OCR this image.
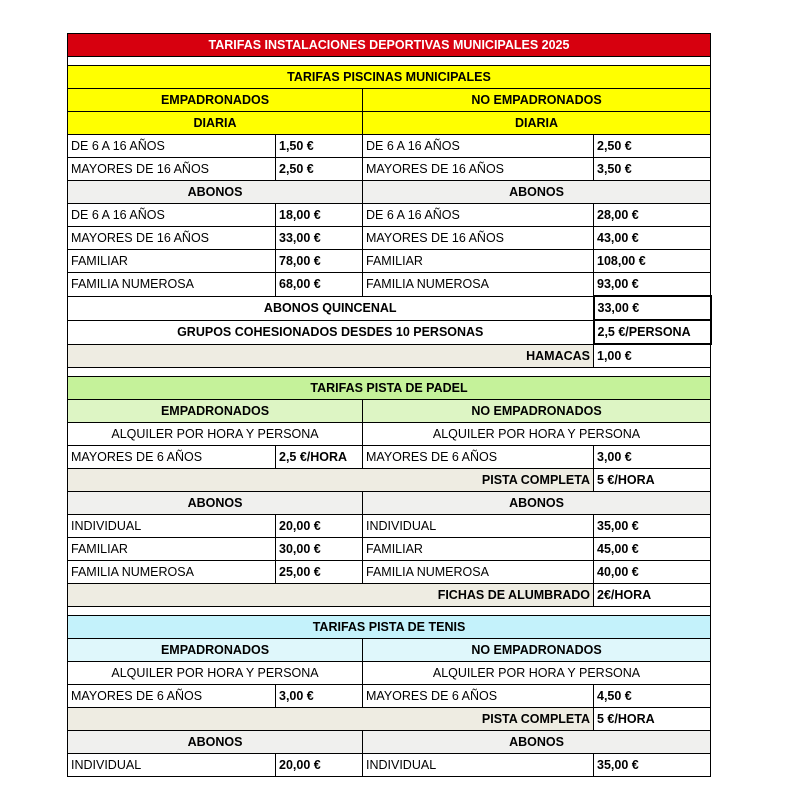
TARIFAS INSTALACIONES DEPORTIVAS MUNICIPALES 2025			

TARIFAS PISCINAS MUNICIPALES			
EMPADRONADOS		NO EMPADRONADOS	
DIARIA		DIARIA	
DE 6 A 16 AÑOS	1,50 €	DE 6 A 16 AÑOS	2,50 €
MAYORES DE 16 AÑOS	2,50 €	MAYORES DE 16 AÑOS	3,50 €
ABONOS		ABONOS	
DE 6 A 16 AÑOS	18,00 €	DE 6 A 16 AÑOS	28,00 €
MAYORES DE 16 AÑOS	33,00 €	MAYORES DE 16 AÑOS	43,00 €
FAMILIAR	78,00 €	FAMILIAR	108,00 €
FAMILIA NUMEROSA	68,00 €	FAMILIA NUMEROSA	93,00 €
ABONOS QUINCENAL			33,00 €
GRUPOS COHESIONADOS DESDES 10 PERSONAS			2,5 €/PERSONA
HAMACAS			1,00 €

TARIFAS PISTA DE PADEL			
EMPADRONADOS		NO EMPADRONADOS	
ALQUILER POR HORA Y PERSONA		ALQUILER POR HORA Y PERSONA	
MAYORES DE 6 AÑOS	2,5 €/HORA	MAYORES DE 6 AÑOS	3,00 €
PISTA COMPLETA			5 €/HORA
ABONOS		ABONOS	
INDIVIDUAL	20,00 €	INDIVIDUAL	35,00 €
FAMILIAR	30,00 €	FAMILIAR	45,00 €
FAMILIA NUMEROSA	25,00 €	FAMILIA NUMEROSA	40,00 €
FICHAS DE ALUMBRADO			2€/HORA

TARIFAS PISTA DE TENIS			
EMPADRONADOS		NO EMPADRONADOS	
ALQUILER POR HORA Y PERSONA		ALQUILER POR HORA Y PERSONA	
MAYORES DE 6 AÑOS	3,00 €	MAYORES DE 6 AÑOS	4,50 €
PISTA COMPLETA			5 €/HORA
ABONOS		ABONOS	
INDIVIDUAL	20,00 €	INDIVIDUAL	35,00 €
